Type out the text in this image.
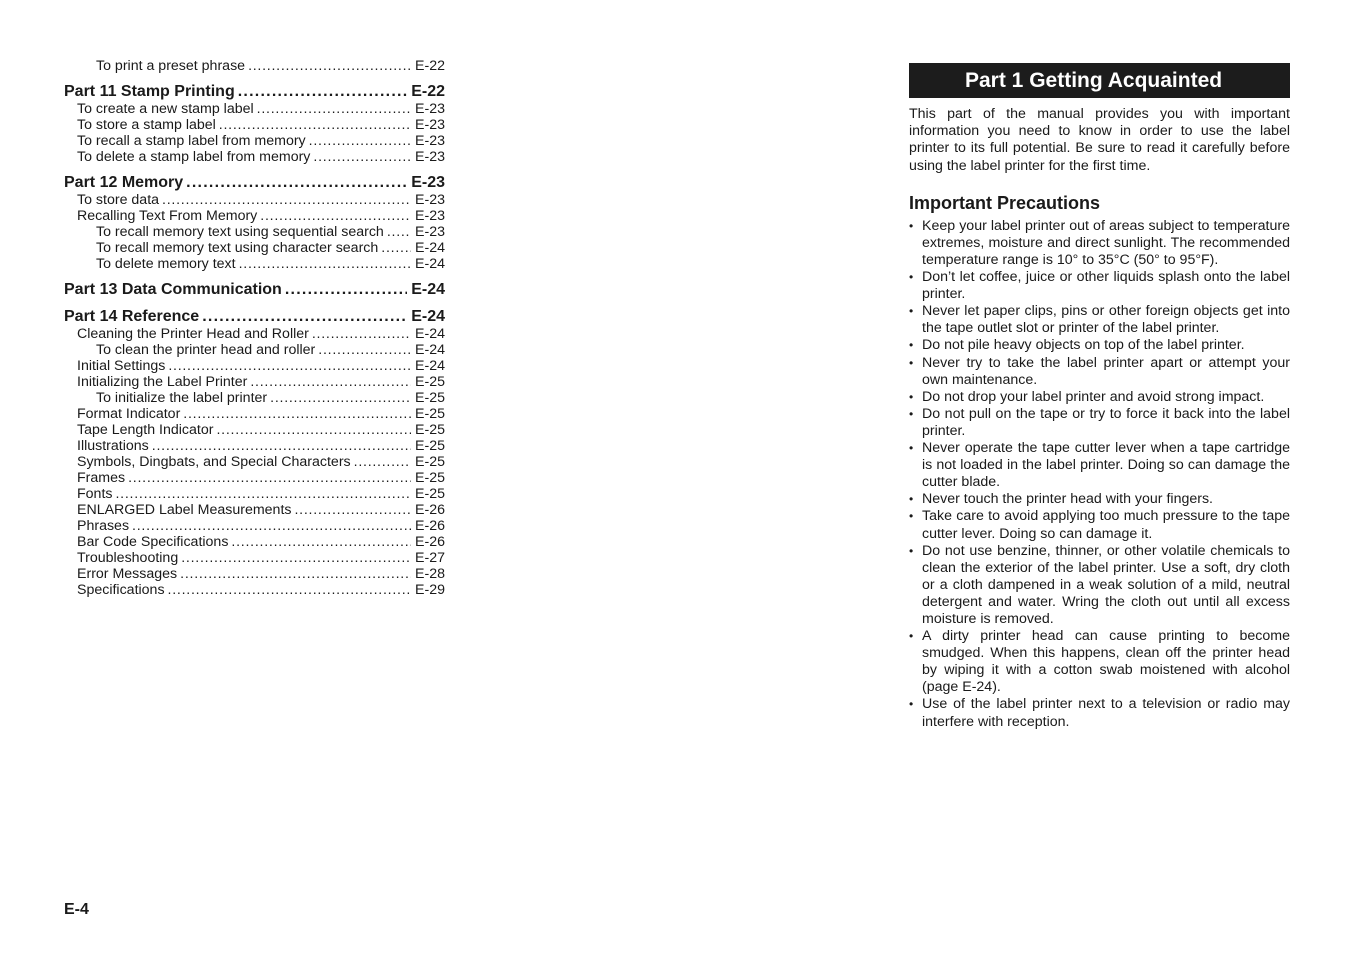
To print a preset phrase . . .	E-22
Part 11 Stamp Printing . . .	E-22
To create a new stamp label . . .	E-23
To store a stamp label . . .	E-23
To recall a stamp label from memory . . .	E-23
To delete a stamp label from memory . . .	E-23
Part 12 Memory . . .	E-23
To store data . . .	E-23
Recalling Text From Memory . . .	E-23
To recall memory text using sequential search . . . E-23
To recall memory text using character search . . .	E-24
To delete memory text . . .	E-24
Part 13 Data Communication . . .	E-24
Part 14 Reference . . .	E-24
Cleaning the Printer Head and Roller . . .	E-24
To clean the printer head and roller . . .	E-24
Initial Settings . . .	E-24
Initializing the Label Printer . . .	E-25
To initialize the label printer . . .	E-25
Format Indicator . . .	E-25
Tape Length Indicator . . .	E-25
Illustrations . . .	E-25
Symbols, Dingbats, and Special Characters . . .	E-25
Frames . . .	E-25
Fonts . . .	E-25
ENLARGED Label Measurements . . .	E-26
Phrases . . .	E-26
Bar Code Specifications . . .	E-26
Troubleshooting . . .	E-27
Error Messages . . .	E-28
Specifications . . .	E-29
E-4
Part 1 Getting Acquainted

This part of the manual provides you with important information you need to know in order to use the label printer to its full potential. Be sure to read it carefully before using the label printer for the first time.

Important Precautions
• Keep your label printer out of areas subject to temperature extremes, moisture and direct sunlight. The recommended temperature range is 10° to 35°C (50° to 95°F).
• Don’t let coffee, juice or other liquids splash onto the label printer.
• Never let paper clips, pins or other foreign objects get into the tape outlet slot or printer of the label printer.
• Do not pile heavy objects on top of the label printer.
• Never try to take the label printer apart or attempt your own maintenance.
• Do not drop your label printer and avoid strong impact.
• Do not pull on the tape or try to force it back into the label printer.
• Never operate the tape cutter lever when a tape cartridge is not loaded in the label printer. Doing so can damage the cutter blade.
• Never touch the printer head with your fingers.
• Take care to avoid applying too much pressure to the tape cutter lever. Doing so can damage it.
• Do not use benzine, thinner, or other volatile chemicals to clean the exterior of the label printer. Use a soft, dry cloth or a cloth dampened in a weak solution of a mild, neutral detergent and water. Wring the cloth out until all excess moisture is removed.
• A dirty printer head can cause printing to become smudged. When this happens, clean off the printer head by wiping it with a cotton swab moistened with alcohol (page E-24).
• Use of the label printer next to a television or radio may interfere with reception.
